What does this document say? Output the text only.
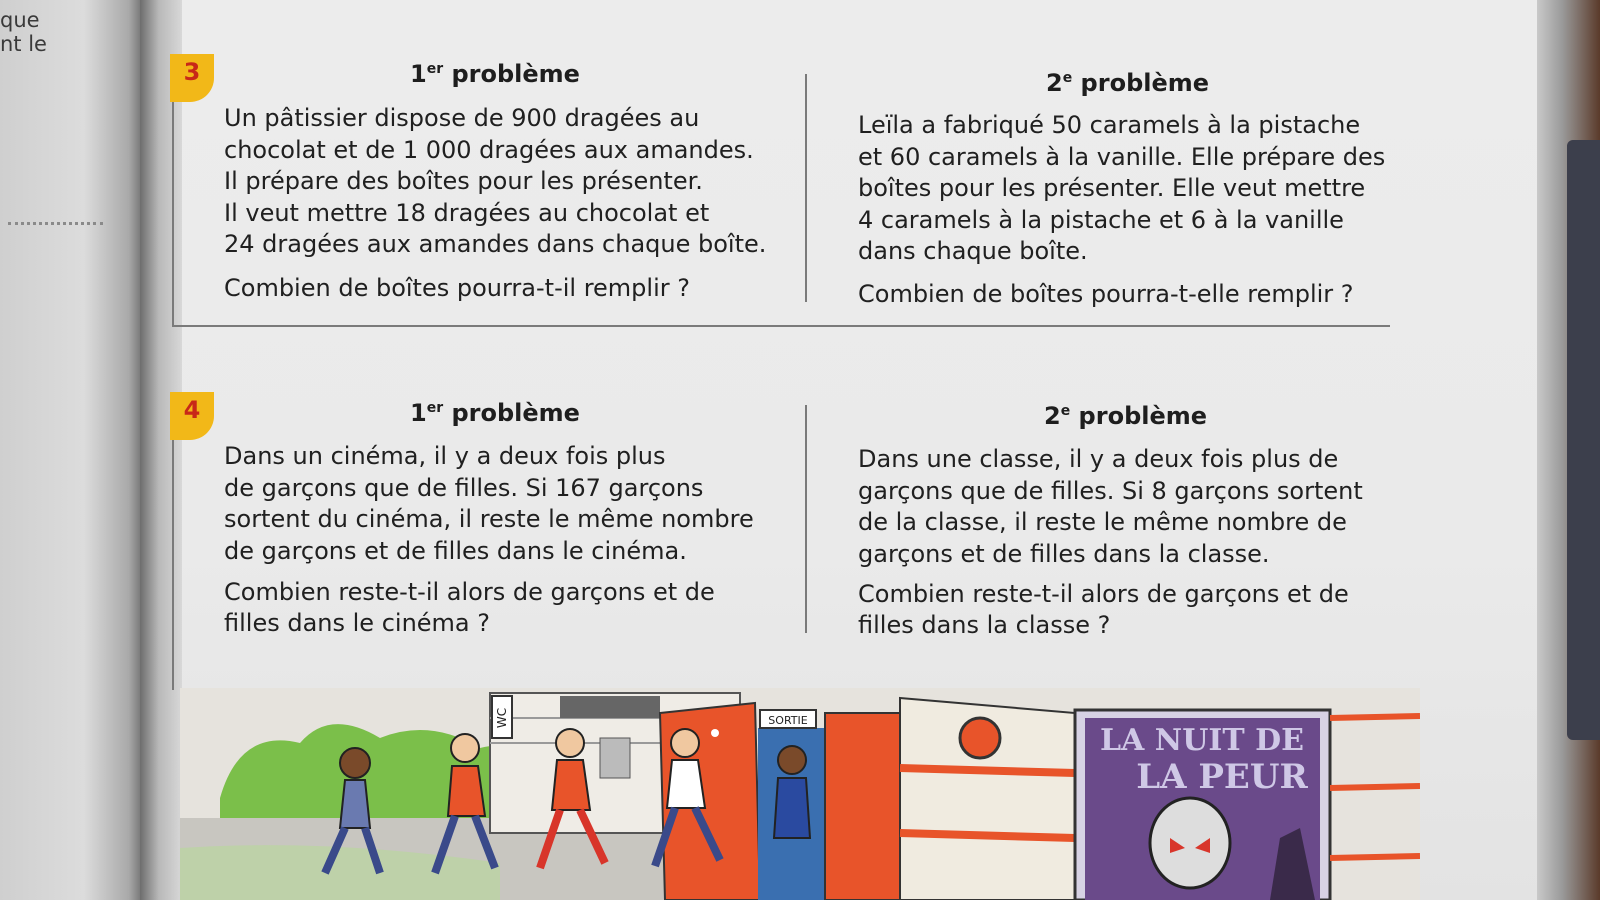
que
nt le
3	1er problème
Un pâtissier dispose de 900 dragées au
chocolat et de 1 000 dragées aux amandes.
Il prépare des boîtes pour les présenter.
Il veut mettre 18 dragées au chocolat et
24 dragées aux amandes dans chaque boîte.
Combien de boîtes pourra-t-il remplir ?
2e problème
Leïla a fabriqué 50 caramels à la pistache
et 60 caramels à la vanille. Elle prépare des
boîtes pour les présenter. Elle veut mettre
4 caramels à la pistache et 6 à la vanille
dans chaque boîte.
Combien de boîtes pourra-t-elle remplir ?
4	1er problème
Dans un cinéma, il y a deux fois plus
de garçons que de filles. Si 167 garçons
sortent du cinéma, il reste le même nombre
de garçons et de filles dans le cinéma.
Combien reste-t-il alors de garçons et de
filles dans le cinéma ?
2e problème
Dans une classe, il y a deux fois plus de
garçons que de filles. Si 8 garçons sortent
de la classe, il reste le même nombre de
garçons et de filles dans la classe.
Combien reste-t-il alors de garçons et de
filles dans la classe ?
WC	SORTIE
LA NUIT DE
LA PEUR
